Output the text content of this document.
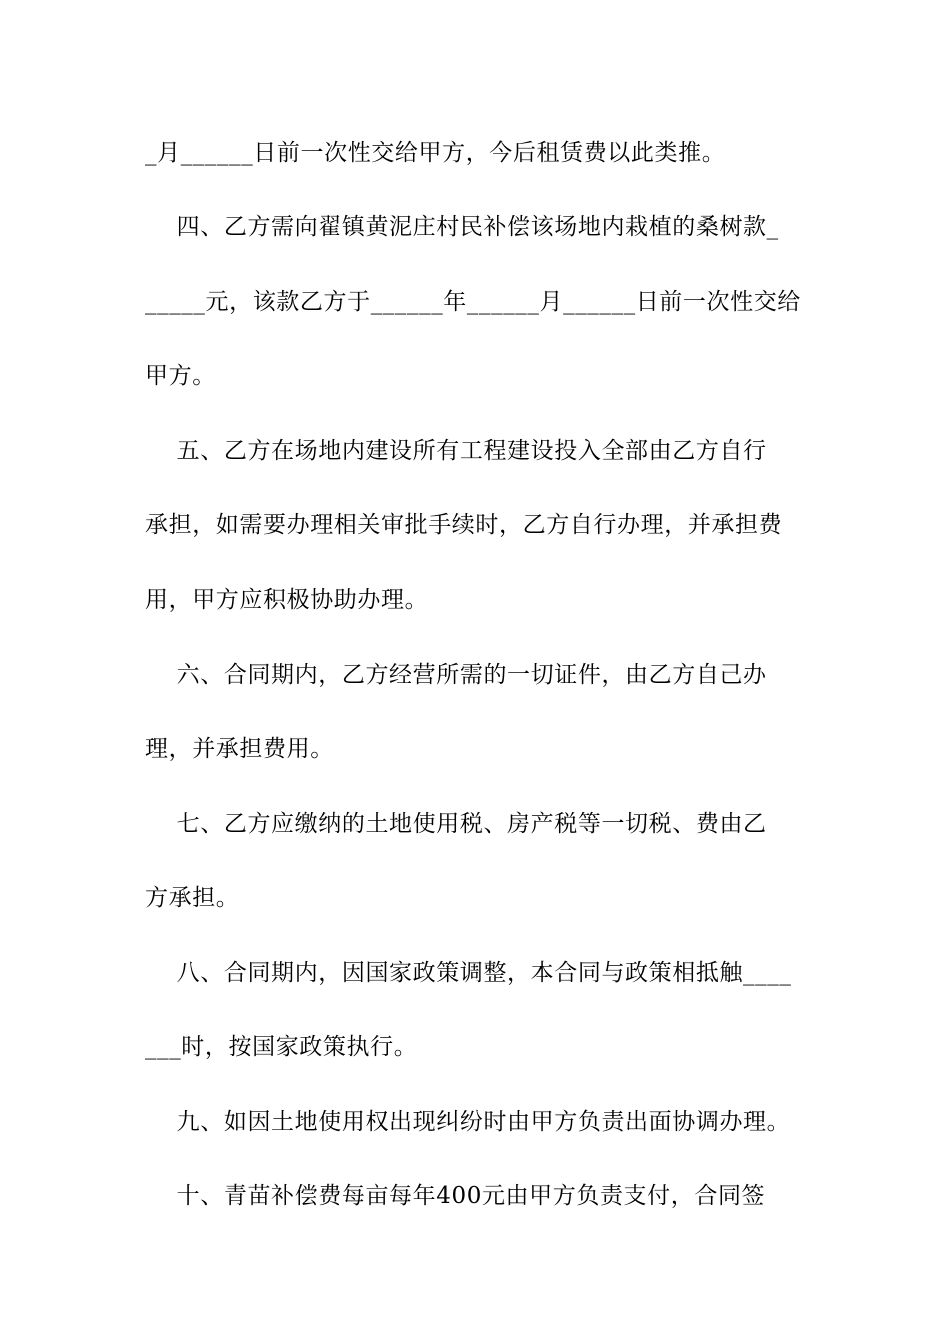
_月______日前一次性交给甲方，今后租赁费以此类推。
四、乙方需向翟镇黄泥庄村民补偿该场地内栽植的桑树款_
_____元，该款乙方于______年______月______日前一次性交给
甲方。
五、乙方在场地内建设所有工程建设投入全部由乙方自行
承担，如需要办理相关审批手续时，乙方自行办理，并承担费
用，甲方应积极协助办理。
六、合同期内，乙方经营所需的一切证件，由乙方自己办
理，并承担费用。
七、乙方应缴纳的土地使用税、房产税等一切税、费由乙
方承担。
八、合同期内，因国家政策调整，本合同与政策相抵触____
___时，按国家政策执行。
九、如因土地使用权出现纠纷时由甲方负责出面协调办理。
十、青苗补偿费每亩每年400元由甲方负责支付，合同签
